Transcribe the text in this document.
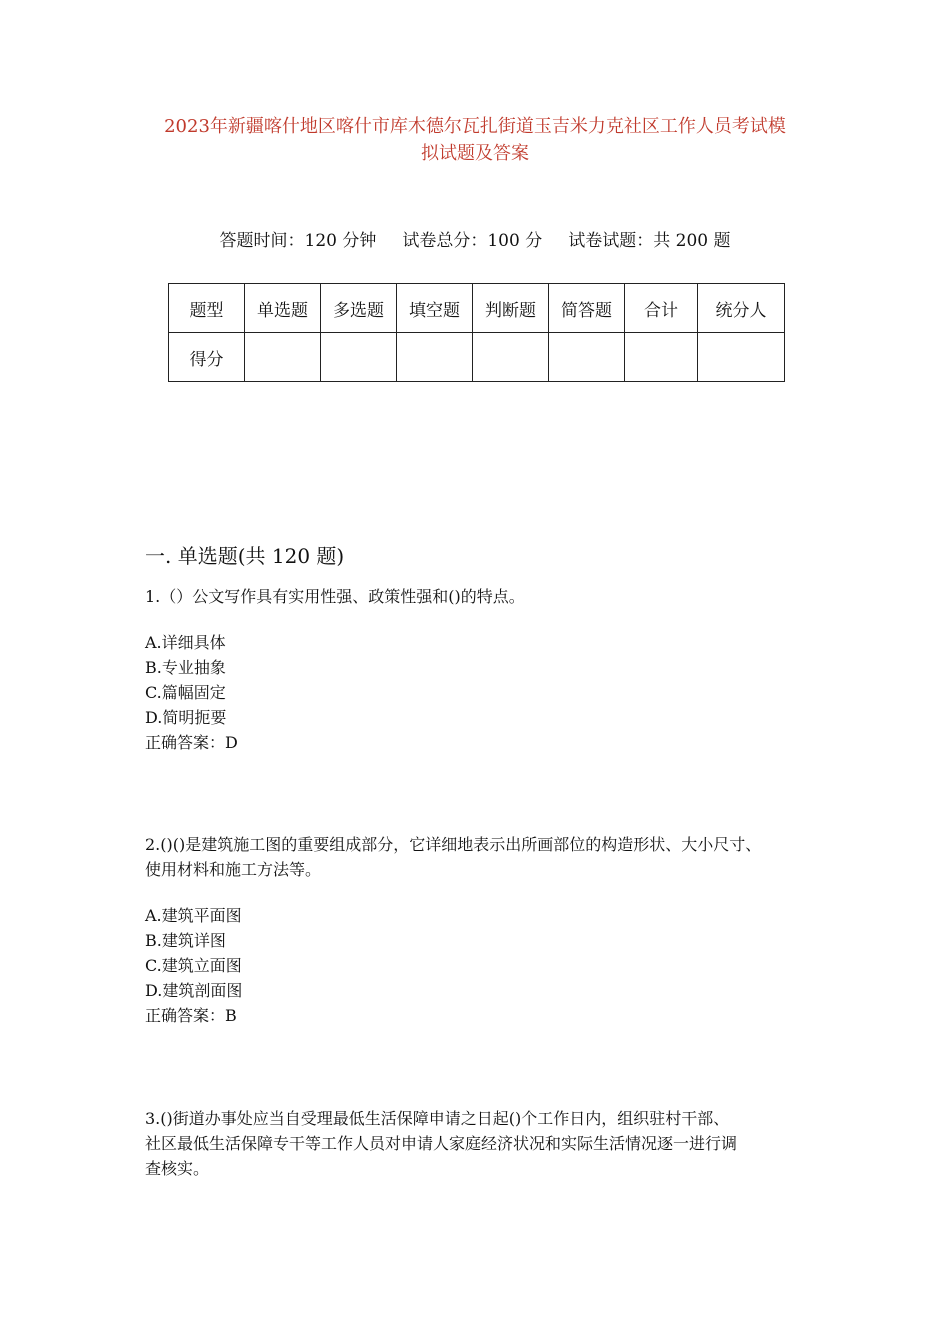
2023年新疆喀什地区喀什市库木德尔瓦扎街道玉吉米力克社区工作人员考试模
拟试题及答案
答题时间：120 分钟 试卷总分：100 分 试卷试题：共 200 题
题型	单选题	多选题	填空题	判断题	简答题	合计	统分人
得分							
一. 单选题(共 120 题)
1.（）公文写作具有实用性强、政策性强和()的特点。
A.详细具体
B.专业抽象
C.篇幅固定
D.简明扼要
正确答案：D
2.()()是建筑施工图的重要组成部分，它详细地表示出所画部位的构造形状、大小尺寸、
使用材料和施工方法等。
A.建筑平面图
B.建筑详图
C.建筑立面图
D.建筑剖面图
正确答案：B
3.()街道办事处应当自受理最低生活保障申请之日起()个工作日内，组织驻村干部、
社区最低生活保障专干等工作人员对申请人家庭经济状况和实际生活情况逐一进行调
查核实。
